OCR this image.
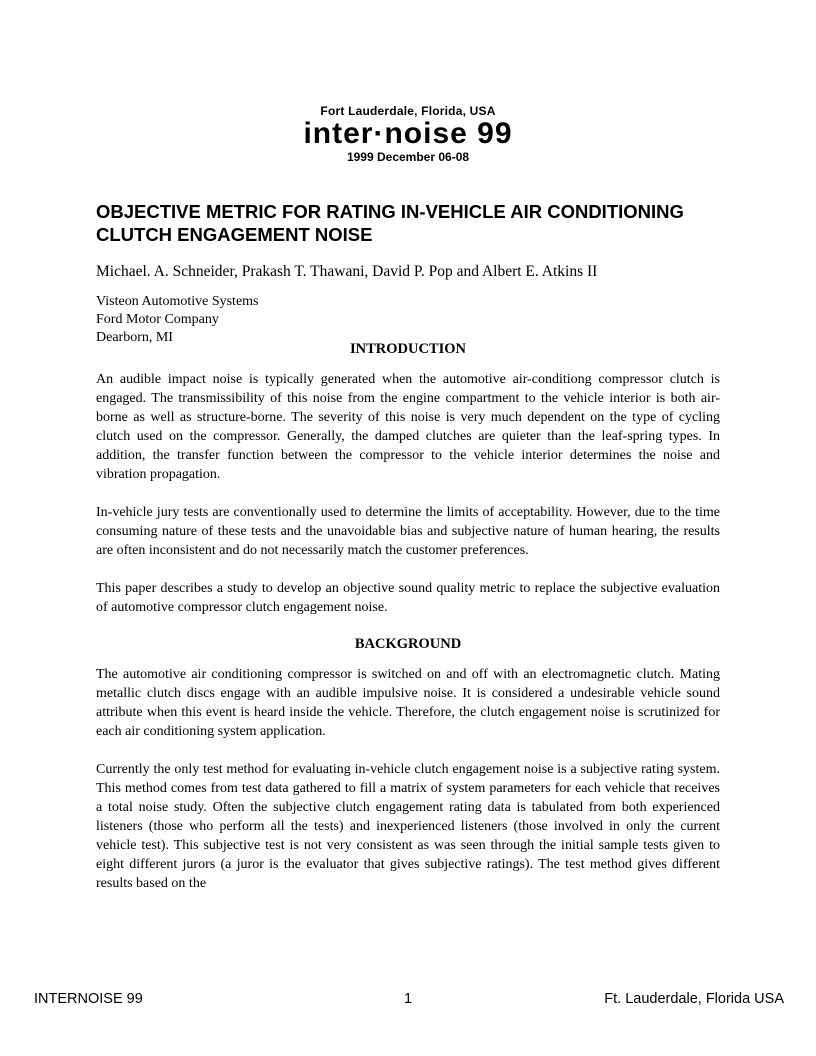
Fort Lauderdale, Florida, USA
inter·noise 99
1999 December 06-08
OBJECTIVE METRIC FOR RATING IN-VEHICLE AIR CONDITIONING CLUTCH ENGAGEMENT NOISE
Michael. A. Schneider, Prakash T. Thawani, David P. Pop and Albert E. Atkins II
Visteon Automotive Systems
Ford Motor Company
Dearborn, MI
INTRODUCTION

An audible impact noise is typically generated when the automotive air-conditiong compressor clutch is engaged. The transmissibility of this noise from the engine compartment to the vehicle interior is both air-borne as well as structure-borne. The severity of this noise is very much dependent on the type of cycling clutch used on the compressor. Generally, the damped clutches are quieter than the leaf-spring types. In addition, the transfer function between the compressor to the vehicle interior determines the noise and vibration propagation.

In-vehicle jury tests are conventionally used to determine the limits of acceptability. However, due to the time consuming nature of these tests and the unavoidable bias and subjective nature of human hearing, the results are often inconsistent and do not necessarily match the customer preferences.

This paper describes a study to develop an objective sound quality metric to replace the subjective evaluation of automotive compressor clutch engagement noise.

BACKGROUND

The automotive air conditioning compressor is switched on and off with an electromagnetic clutch. Mating metallic clutch discs engage with an audible impulsive noise. It is considered a undesirable vehicle sound attribute when this event is heard inside the vehicle. Therefore, the clutch engagement noise is scrutinized for each air conditioning system application.

Currently the only test method for evaluating in-vehicle clutch engagement noise is a subjective rating system. This method comes from test data gathered to fill a matrix of system parameters for each vehicle that receives a total noise study. Often the subjective clutch engagement rating data is tabulated from both experienced listeners (those who perform all the tests) and inexperienced listeners (those involved in only the current vehicle test). This subjective test is not very consistent as was seen through the initial sample tests given to eight different jurors (a juror is the evaluator that gives subjective ratings). The test method gives different results based on the

INTERNOISE 99	1	Ft. Lauderdale, Florida USA
